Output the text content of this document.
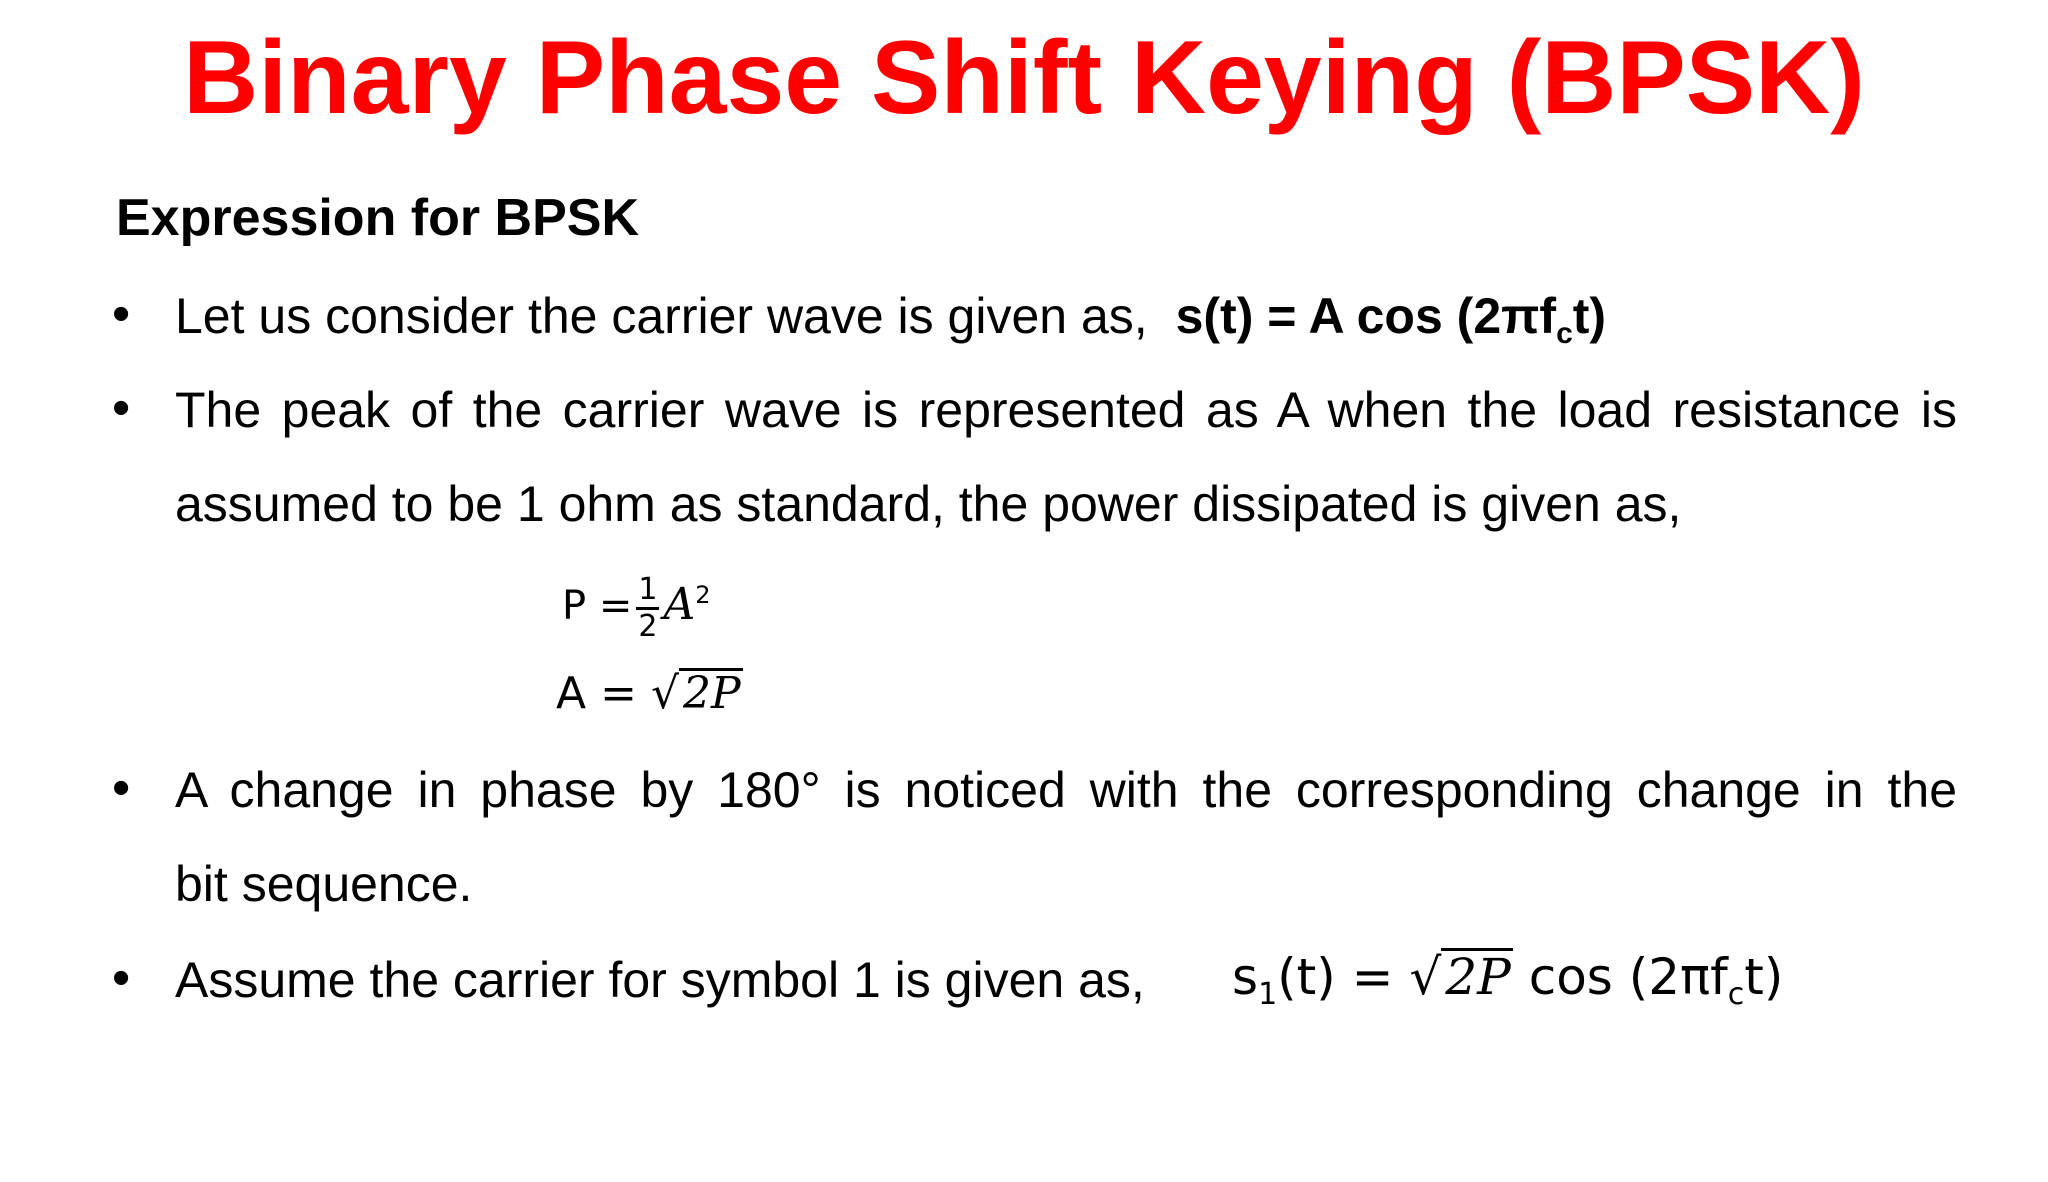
Binary Phase Shift Keying (BPSK)
Expression for BPSK
• Let us consider the carrier wave is given as, s(t) = A $\cos (2\pi f_ct)$
• The peak of the carrier wave is represented as A when the load resistance is
assumed to be 1 ohm as standard, the power dissipated is given as,
$P = \frac{1}{2} A^2$
A = √2P
• A change in phase by 180° is noticed with the corresponding change in the
bit sequence.
• Assume the carrier for symbol 1 is given as, $s_1(t) = √2P$ $\cos (2\pi f_ct)$
